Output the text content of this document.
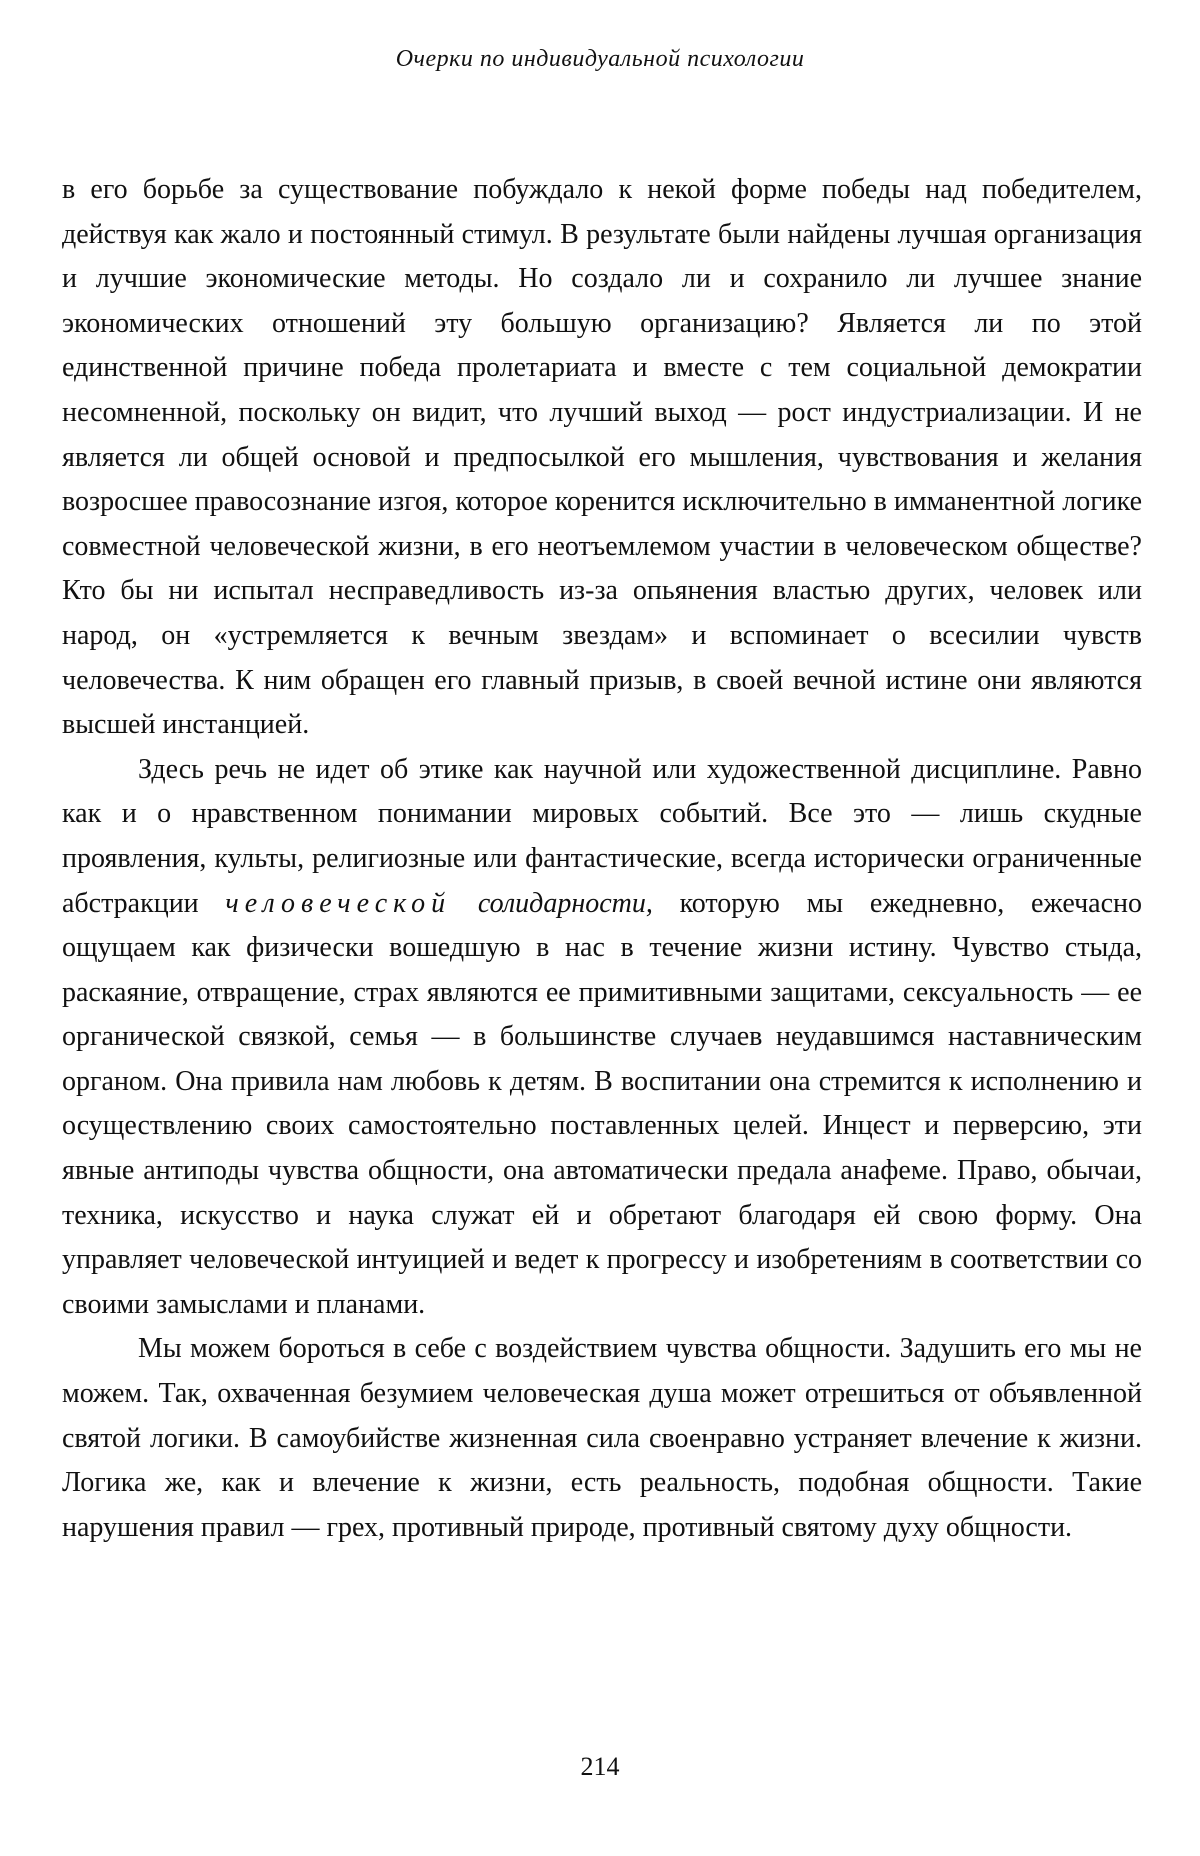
Очерки по индивидуальной психологии

в его борьбе за существование побуждало к некой форме победы над победителем, действуя как жало и постоянный стимул. В результате были найдены лучшая организация и лучшие экономические методы. Но создало ли и сохранило ли лучшее знание экономических отношений эту большую организацию? Является ли по этой единственной причине победа пролетариата и вместе с тем социальной демократии несомненной, поскольку он видит, что лучший выход — рост индустриализации. И не является ли общей основой и предпосылкой его мышления, чувствования и желания возросшее правосознание изгоя, которое коренится исключительно в имманентной логике совместной человеческой жизни, в его неотъемлемом участии в человеческом обществе? Кто бы ни испытал несправедливость из-за опьянения властью других, человек или народ, он «устремляется к вечным звездам» и вспоминает о всесилии чувств человечества. К ним обращен его главный призыв, в своей вечной истине они являются высшей инстанцией.

Здесь речь не идет об этике как научной или художественной дисциплине. Равно как и о нравственном понимании мировых событий. Все это — лишь скудные проявления, культы, религиозные или фантастические, всегда исторически ограниченные абстракции человеческой солидарности, которую мы ежедневно, ежечасно ощущаем как физически вошедшую в нас в течение жизни истину. Чувство стыда, раскаяние, отвращение, страх являются ее примитивными защитами, сексуальность — ее органической связкой, семья — в большинстве случаев неудавшимся наставническим органом. Она привила нам любовь к детям. В воспитании она стремится к исполнению и осуществлению своих самостоятельно поставленных целей. Инцест и перверсию, эти явные антиподы чувства общности, она автоматически предала анафеме. Право, обычаи, техника, искусство и наука служат ей и обретают благодаря ей свою форму. Она управляет человеческой интуицией и ведет к прогрессу и изобретениям в соответствии со своими замыслами и планами.

Мы можем бороться в себе с воздействием чувства общности. Задушить его мы не можем. Так, охваченная безумием человеческая душа может отрешиться от объявленной святой логики. В самоубийстве жизненная сила своенравно устраняет влечение к жизни. Логика же, как и влечение к жизни, есть реальность, подобная общности. Такие нарушения правил — грех, противный природе, противный святому духу общности.

214
